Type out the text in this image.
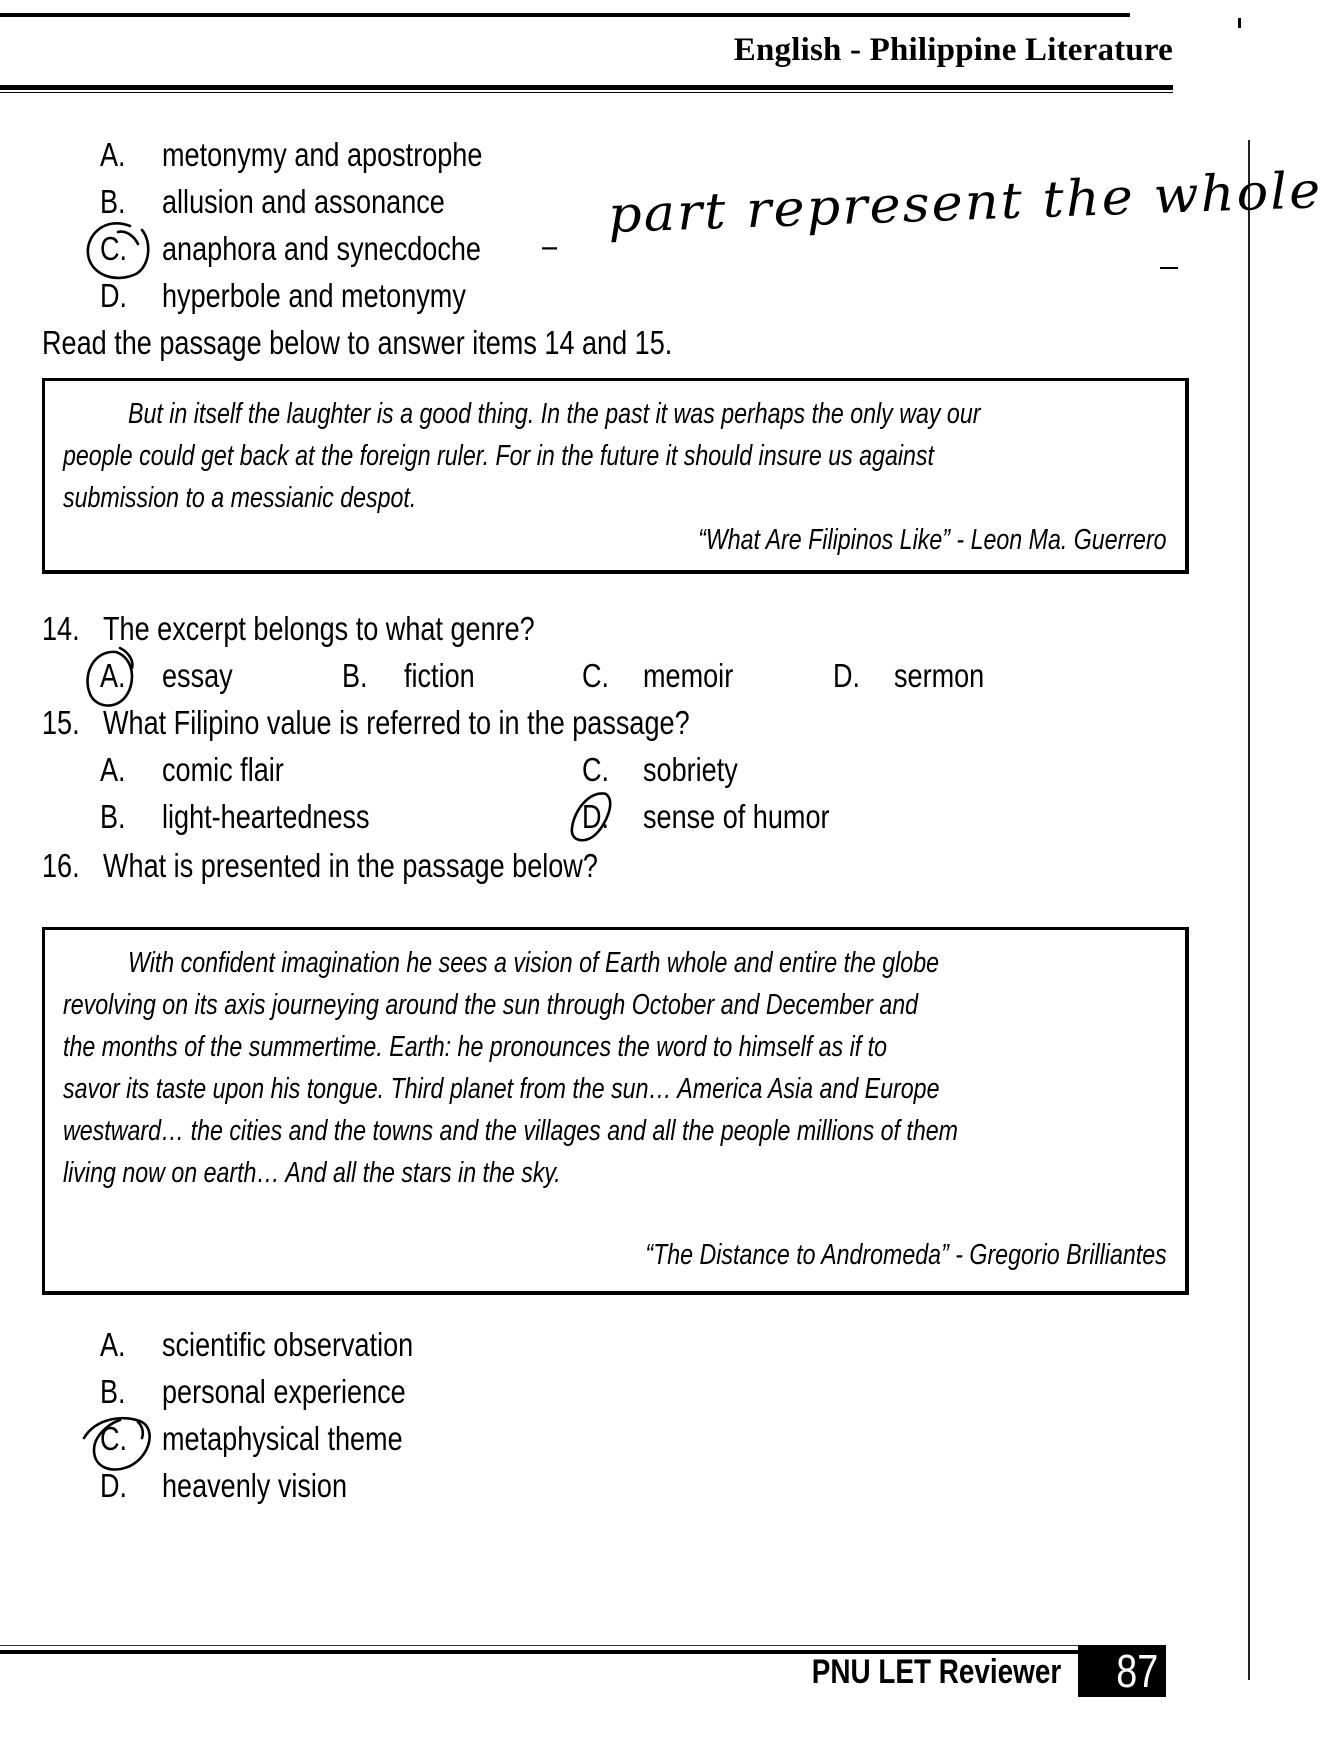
English - Philippine Literature
A. metonymy and apostrophe
B. allusion and assonance
C. anaphora and synecdoche –
D. hyperbole and metonymy
part represent the whole
Read the passage below to answer items 14 and 15.
But in itself the laughter is a good thing. In the past it was perhaps the only way our
people could get back at the foreign ruler. For in the future it should insure us against
submission to a messianic despot.
“What Are Filipinos Like” - Leon Ma. Guerrero
14. The excerpt belongs to what genre?
A. essay	B. fiction	C. memoir	D. sermon
15. What Filipino value is referred to in the passage?
A. comic flair	C. sobriety
B. light-heartedness	D. sense of humor
16. What is presented in the passage below?
With confident imagination he sees a vision of Earth whole and entire the globe
revolving on its axis journeying around the sun through October and December and
the months of the summertime. Earth: he pronounces the word to himself as if to
savor its taste upon his tongue. Third planet from the sun… America Asia and Europe
westward… the cities and the towns and the villages and all the people millions of them
living now on earth… And all the stars in the sky.
“The Distance to Andromeda” - Gregorio Brilliantes
A. scientific observation
B. personal experience
C. metaphysical theme
D. heavenly vision
PNU LET Reviewer 87
